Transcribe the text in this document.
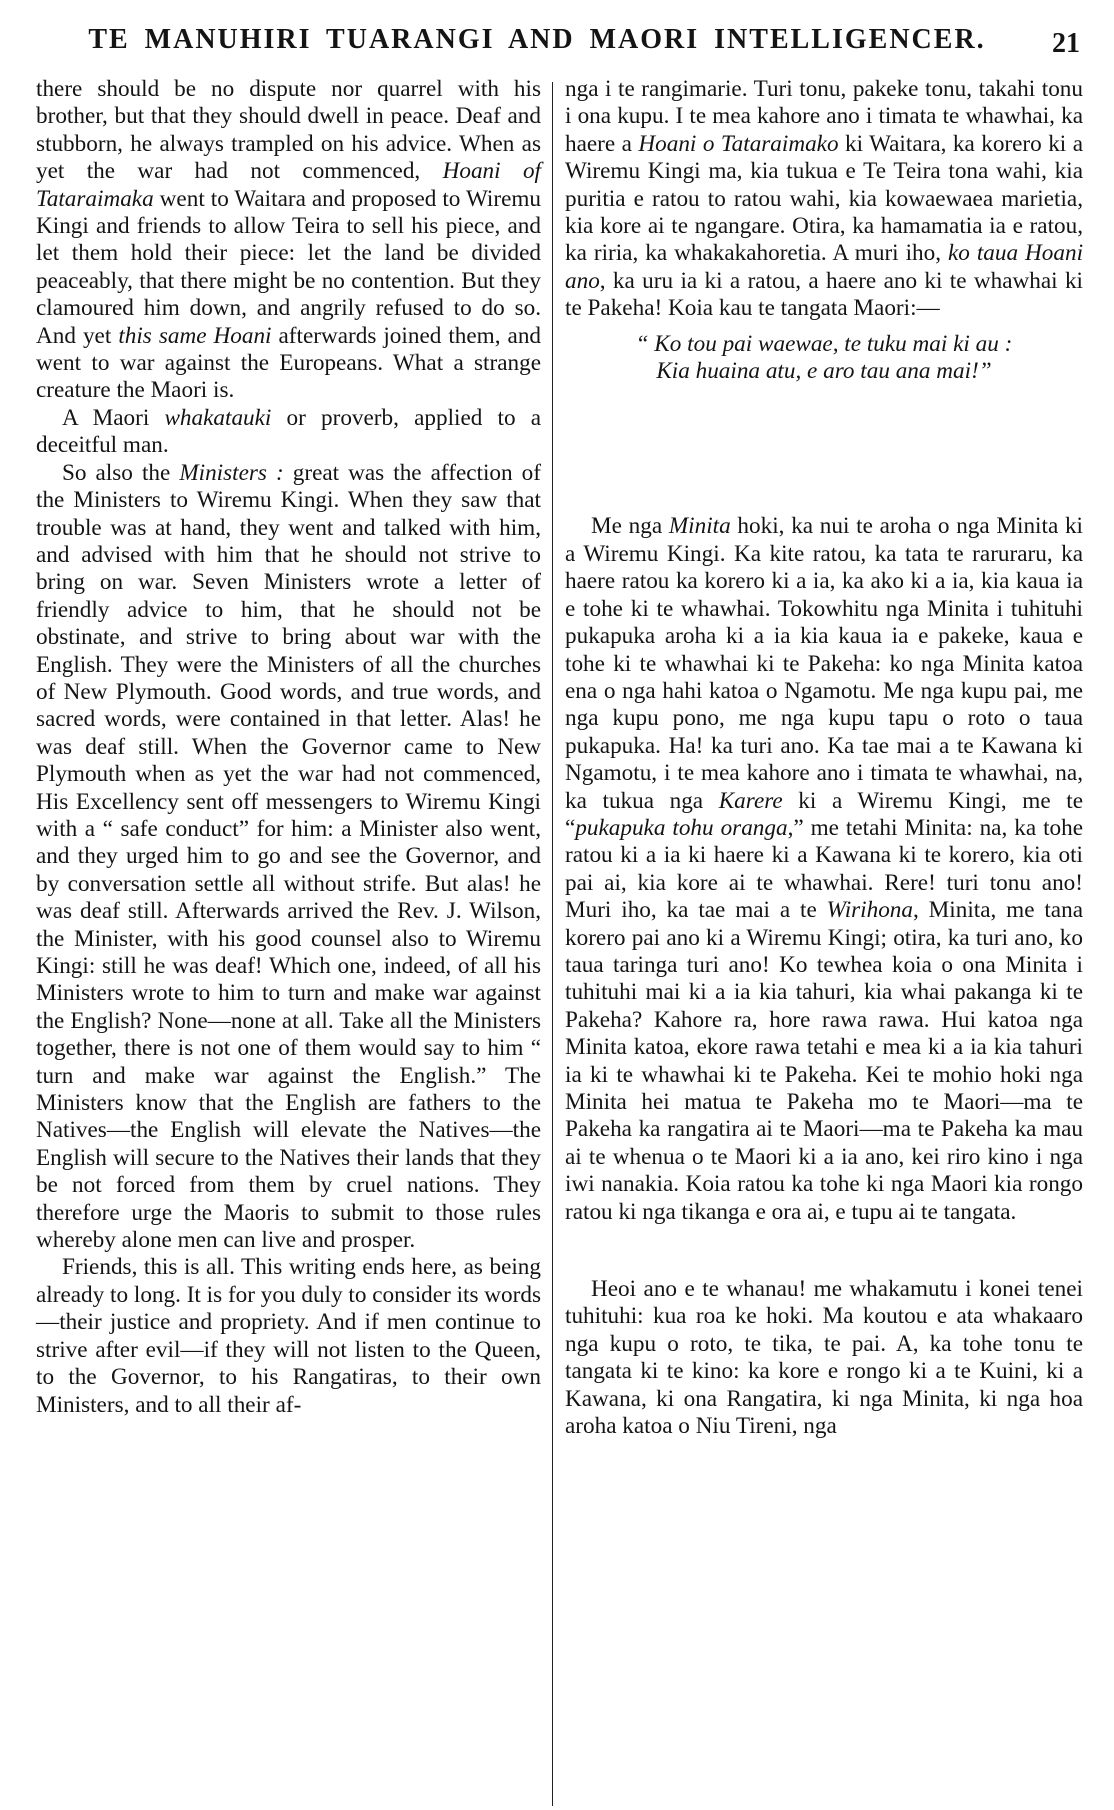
TE MANUHIRI TUARANGI AND MAORI INTELLIGENCER.	21

there should be no dispute nor quarrel with his brother, but that they should dwell in peace. Deaf and stubborn, he always trampled on his advice. When as yet the war had not commenced, Hoani of Tataraimaka went to Waitara and proposed to Wiremu Kingi and friends to allow Teira to sell his piece, and let them hold their piece: let the land be divided peaceably, that there might be no contention. But they clamoured him down, and angrily refused to do so. And yet this same Hoani afterwards joined them, and went to war against the Europeans. What a strange creature the Maori is.

A Maori whakatauki or proverb, applied to a deceitful man.

So also the Ministers : great was the affection of the Ministers to Wiremu Kingi. When they saw that trouble was at hand, they went and talked with him, and advised with him that he should not strive to bring on war. Seven Ministers wrote a letter of friendly advice to him, that he should not be obstinate, and strive to bring about war with the English. They were the Ministers of all the churches of New Plymouth. Good words, and true words, and sacred words, were contained in that letter. Alas! he was deaf still. When the Governor came to New Plymouth when as yet the war had not commenced, His Excellency sent off messengers to Wiremu Kingi with a “ safe conduct” for him: a Minister also went, and they urged him to go and see the Governor, and by conversation settle all without strife. But alas! he was deaf still. Afterwards arrived the Rev. J. Wilson, the Minister, with his good counsel also to Wiremu Kingi: still he was deaf! Which one, indeed, of all his Ministers wrote to him to turn and make war against the English? None—none at all. Take all the Ministers together, there is not one of them would say to him “ turn and make war against the English.” The Ministers know that the English are fathers to the Natives—the English will elevate the Natives—the English will secure to the Natives their lands that they be not forced from them by cruel nations. They therefore urge the Maoris to submit to those rules whereby alone men can live and prosper.

Friends, this is all. This writing ends here, as being already to long. It is for you duly to consider its words—their justice and propriety. And if men continue to strive after evil—if they will not listen to the Queen, to the Governor, to his Rangatiras, to their own Ministers, and to all their af-

nga i te rangimarie. Turi tonu, pakeke tonu, takahi tonu i ona kupu. I te mea kahore ano i timata te whawhai, ka haere a Hoani o Tataraimako ki Waitara, ka korero ki a Wiremu Kingi ma, kia tukua e Te Teira tona wahi, kia puritia e ratou to ratou wahi, kia kowaewaea marietia, kia kore ai te ngangare. Otira, ka hamamatia ia e ratou, ka riria, ka whakakahoretia. A muri iho, ko taua Hoani ano, ka uru ia ki a ratou, a haere ano ki te whawhai ki te Pakeha! Koia kau te tangata Maori:—

“ Ko tou pai waewae, te tuku mai ki au :
Kia huaina atu, e aro tau ana mai!”

Me nga Minita hoki, ka nui te aroha o nga Minita ki a Wiremu Kingi. Ka kite ratou, ka tata te raruraru, ka haere ratou ka korero ki a ia, ka ako ki a ia, kia kaua ia e tohe ki te whawhai. Tokowhitu nga Minita i tuhituhi pukapuka aroha ki a ia kia kaua ia e pakeke, kaua e tohe ki te whawhai ki te Pakeha: ko nga Minita katoa ena o nga hahi katoa o Ngamotu. Me nga kupu pai, me nga kupu pono, me nga kupu tapu o roto o taua pukapuka. Ha! ka turi ano. Ka tae mai a te Kawana ki Ngamotu, i te mea kahore ano i timata te whawhai, na, ka tukua nga Karere ki a Wiremu Kingi, me te “pukapuka tohu oranga,” me tetahi Minita: na, ka tohe ratou ki a ia ki haere ki a Kawana ki te korero, kia oti pai ai, kia kore ai te whawhai. Rere! turi tonu ano! Muri iho, ka tae mai a te Wirihona, Minita, me tana korero pai ano ki a Wiremu Kingi; otira, ka turi ano, ko taua taringa turi ano! Ko tewhea koia o ona Minita i tuhituhi mai ki a ia kia tahuri, kia whai pakanga ki te Pakeha? Kahore ra, hore rawa rawa. Hui katoa nga Minita katoa, ekore rawa tetahi e mea ki a ia kia tahuri ia ki te whawhai ki te Pakeha. Kei te mohio hoki nga Minita hei matua te Pakeha mo te Maori—ma te Pakeha ka rangatira ai te Maori—ma te Pakeha ka mau ai te whenua o te Maori ki a ia ano, kei riro kino i nga iwi nanakia. Koia ratou ka tohe ki nga Maori kia rongo ratou ki nga tikanga e ora ai, e tupu ai te tangata.

Heoi ano e te whanau! me whakamutu i konei tenei tuhituhi: kua roa ke hoki. Ma koutou e ata whakaaro nga kupu o roto, te tika, te pai. A, ka tohe tonu te tangata ki te kino: ka kore e rongo ki a te Kuini, ki a Kawana, ki ona Rangatira, ki nga Minita, ki nga hoa aroha katoa o Niu Tireni, nga
